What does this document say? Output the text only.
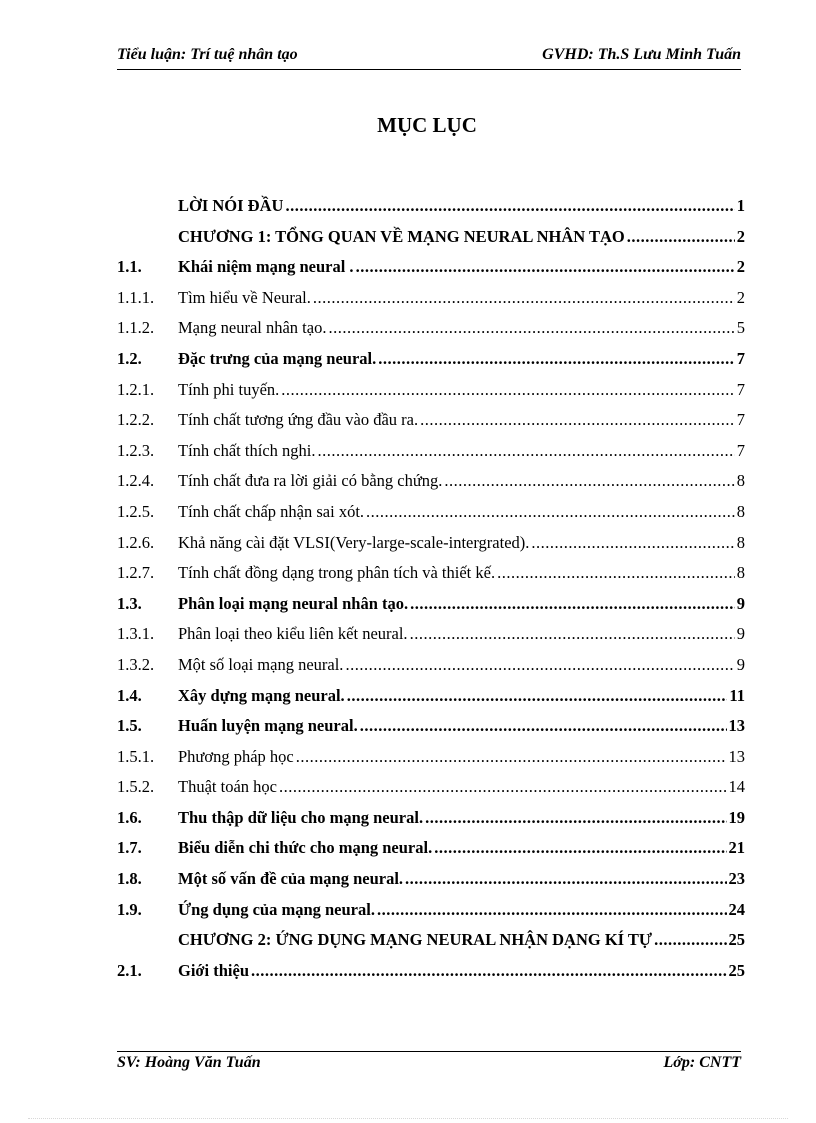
Tiểu luận: Trí tuệ nhân tạo	GVHD: Th.S Lưu Minh Tuấn
MỤC LỤC
LỜI NÓI ĐẦU .....	1
CHƯƠNG 1: TỔNG QUAN VỀ MẠNG NEURAL NHÂN TẠO .....	2
1.1.	Khái niệm mạng neural . .....	2
1.1.1.	Tìm hiểu về Neural. .....	2
1.1.2.	Mạng neural nhân tạo. .....	5
1.2.	Đặc trưng của mạng neural. .....	7
1.2.1.	Tính phi tuyến. .....	7
1.2.2.	Tính chất tương ứng đầu vào đầu ra. .....	7
1.2.3.	Tính chất thích nghi. .....	7
1.2.4.	Tính chất đưa ra lời giải có bằng chứng. .....	8
1.2.5.	Tính chất chấp nhận sai xót. .....	8
1.2.6.	Khả năng cài đặt VLSI(Very-large-scale-intergrated). .....	8
1.2.7.	Tính chất đồng dạng trong phân tích và thiết kế. .....	8
1.3.	Phân loại mạng neural nhân tạo. .....	9
1.3.1.	Phân loại theo kiểu liên kết neural. .....	9
1.3.2.	Một số loại mạng neural. .....	9
1.4.	Xây dựng mạng neural. .....	11
1.5.	Huấn luyện mạng neural. .....	13
1.5.1.	Phương pháp học .....	13
1.5.2.	Thuật toán học .....	14
1.6.	Thu thập dữ liệu cho mạng neural. .....	19
1.7.	Biểu diễn chi thức cho mạng neural. .....	21
1.8.	Một số vấn đề của mạng neural. .....	23
1.9.	Ứng dụng của mạng neural. .....	24
CHƯƠNG 2: ỨNG DỤNG MẠNG NEURAL NHẬN DẠNG KÍ TỰ .....	25
2.1.	Giới thiệu .....	25
SV: Hoàng Văn Tuấn	Lớp: CNTT
